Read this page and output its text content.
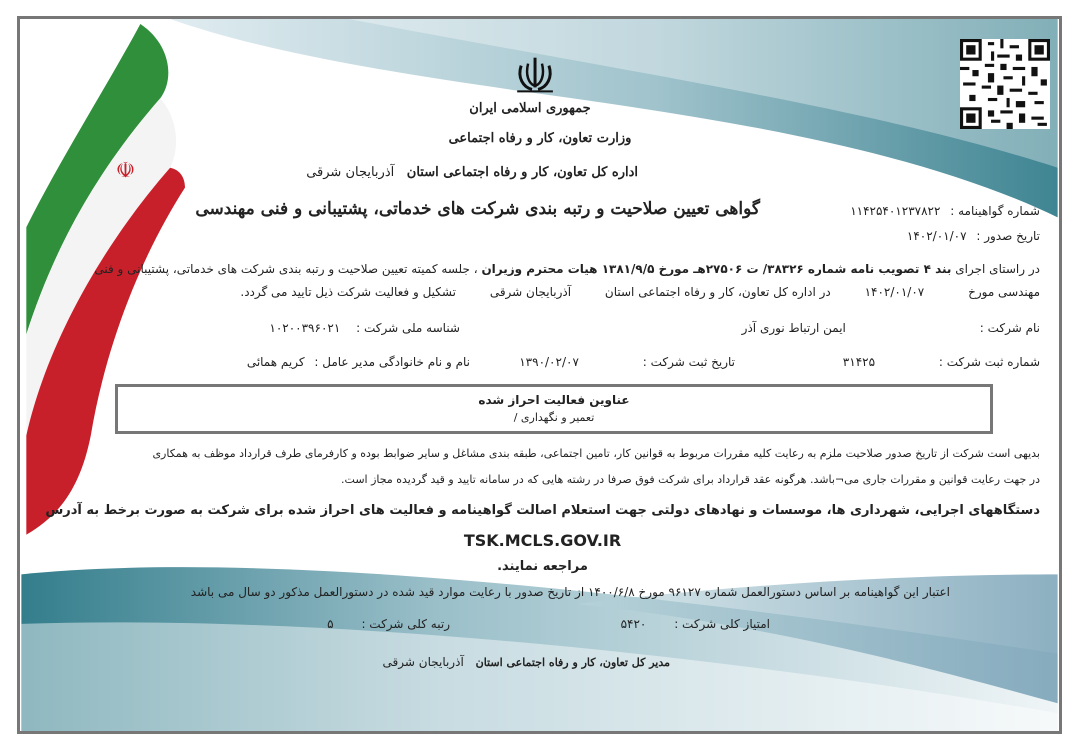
☫
جمهوری اسلامی ایران
وزارت تعاون، کار و رفاه اجتماعی
اداره کل تعاون، کار و رفاه اجتماعی استان آذربایجان شرقی
گواهی تعیین صلاحیت و رتبه بندی شرکت های خدماتی، پشتیبانی و فنی مهندسی	شماره گواهینامه : ۱۱۴۲۵۴۰۱۲۳۷۸۲۲
تاریخ صدور : ۱۴۰۲/۰۱/۰۷
در راستای اجرای بند ۴ تصویب نامه شماره ۳۸۳۲۶/ ت ۲۷۵۰۶هـ مورخ ۱۳۸۱/۹/۵ هیات محترم وزیران ، جلسه کمیته تعیین صلاحیت و رتبه بندی شرکت های خدماتی، پشتیبانی و فنی
مهندسی مورخ ۱۴۰۲/۰۱/۰۷ در اداره کل تعاون، کار و رفاه اجتماعی استان آذربایجان شرقی تشکیل و فعالیت شرکت ذیل تایید می گردد.
نام شرکت : ایمن ارتباط نوری آذر
شناسه ملی شرکت : ۱۰۲۰۰۳۹۶۰۲۱
شماره ثبت شرکت : ۳۱۴۲۵
تاریخ ثبت شرکت : ۱۳۹۰/۰۲/۰۷
نام و نام خانوادگی مدیر عامل : کریم همائی
عناوین فعالیت احراز شده
تعمیر و نگهداری /
بدیهی است شرکت از تاریخ صدور صلاحیت ملزم به رعایت کلیه مقررات مربوط به قوانین کار، تامین اجتماعی، طبقه بندی مشاغل و سایر ضوابط بوده و کارفرمای طرف قرارداد موظف به همکاری
در جهت رعایت قوانین و مقررات جاری می¬باشد. هرگونه عقد قرارداد برای شرکت فوق صرفا در رشته هایی که در سامانه تایید و قید گردیده مجاز است.
دستگاههای اجرایی، شهرداری ها، موسسات و نهادهای دولتی جهت استعلام اصالت گواهینامه و فعالیت های احراز شده برای شرکت به صورت برخط به آدرس
TSK.MCLS.GOV.IR
مراجعه نمایند.
اعتبار این گواهینامه بر اساس دستورالعمل شماره ۹۶۱۲۷ مورخ ۱۴۰۰/۶/۸ از تاریخ صدور با رعایت موارد قید شده در دستورالعمل مذکور دو سال می باشد
امتیاز کلی شرکت : ۵۴۲۰
رتبه کلی شرکت : ۵
مدیر کل تعاون، کار و رفاه اجتماعی استان آذربایجان شرقی
